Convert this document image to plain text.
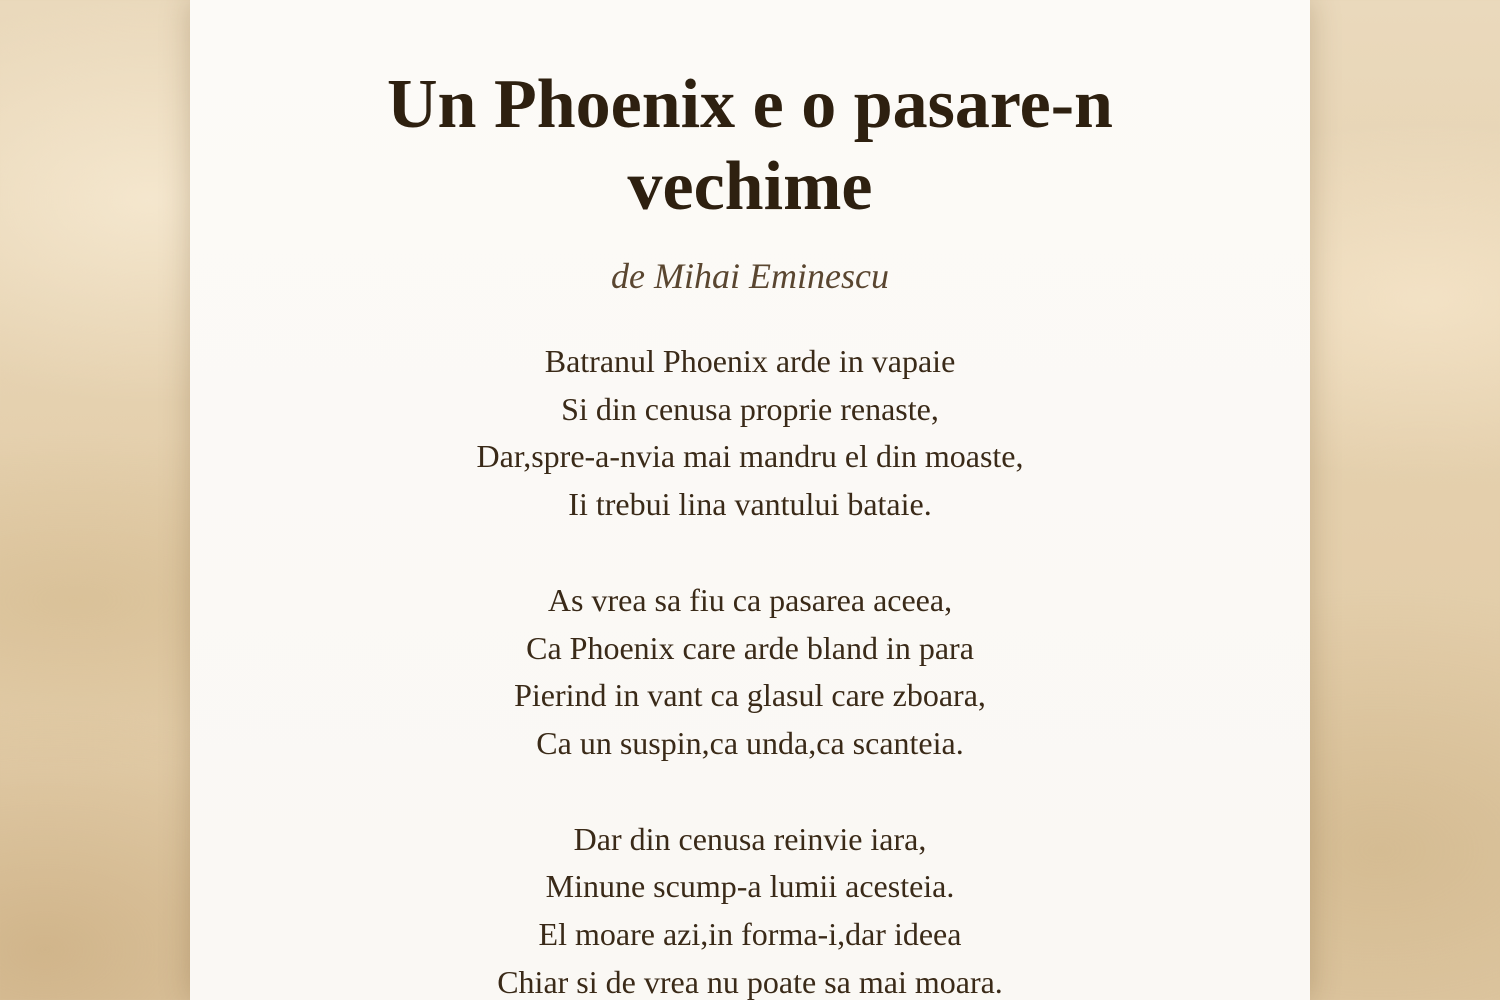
Un Phoenix e o pasare-n vechime
de Mihai Eminescu
Batranul Phoenix arde in vapaie
Si din cenusa proprie renaste,
Dar,spre-a-nvia mai mandru el din moaste,
Ii trebui lina vantului bataie.
As vrea sa fiu ca pasarea aceea,
Ca Phoenix care arde bland in para
Pierind in vant ca glasul care zboara,
Ca un suspin,ca unda,ca scanteia.
Dar din cenusa reinvie iara,
Minune scump-a lumii acesteia.
El moare azi,in forma-i,dar ideea
Chiar si de vrea nu poate sa mai moara.
